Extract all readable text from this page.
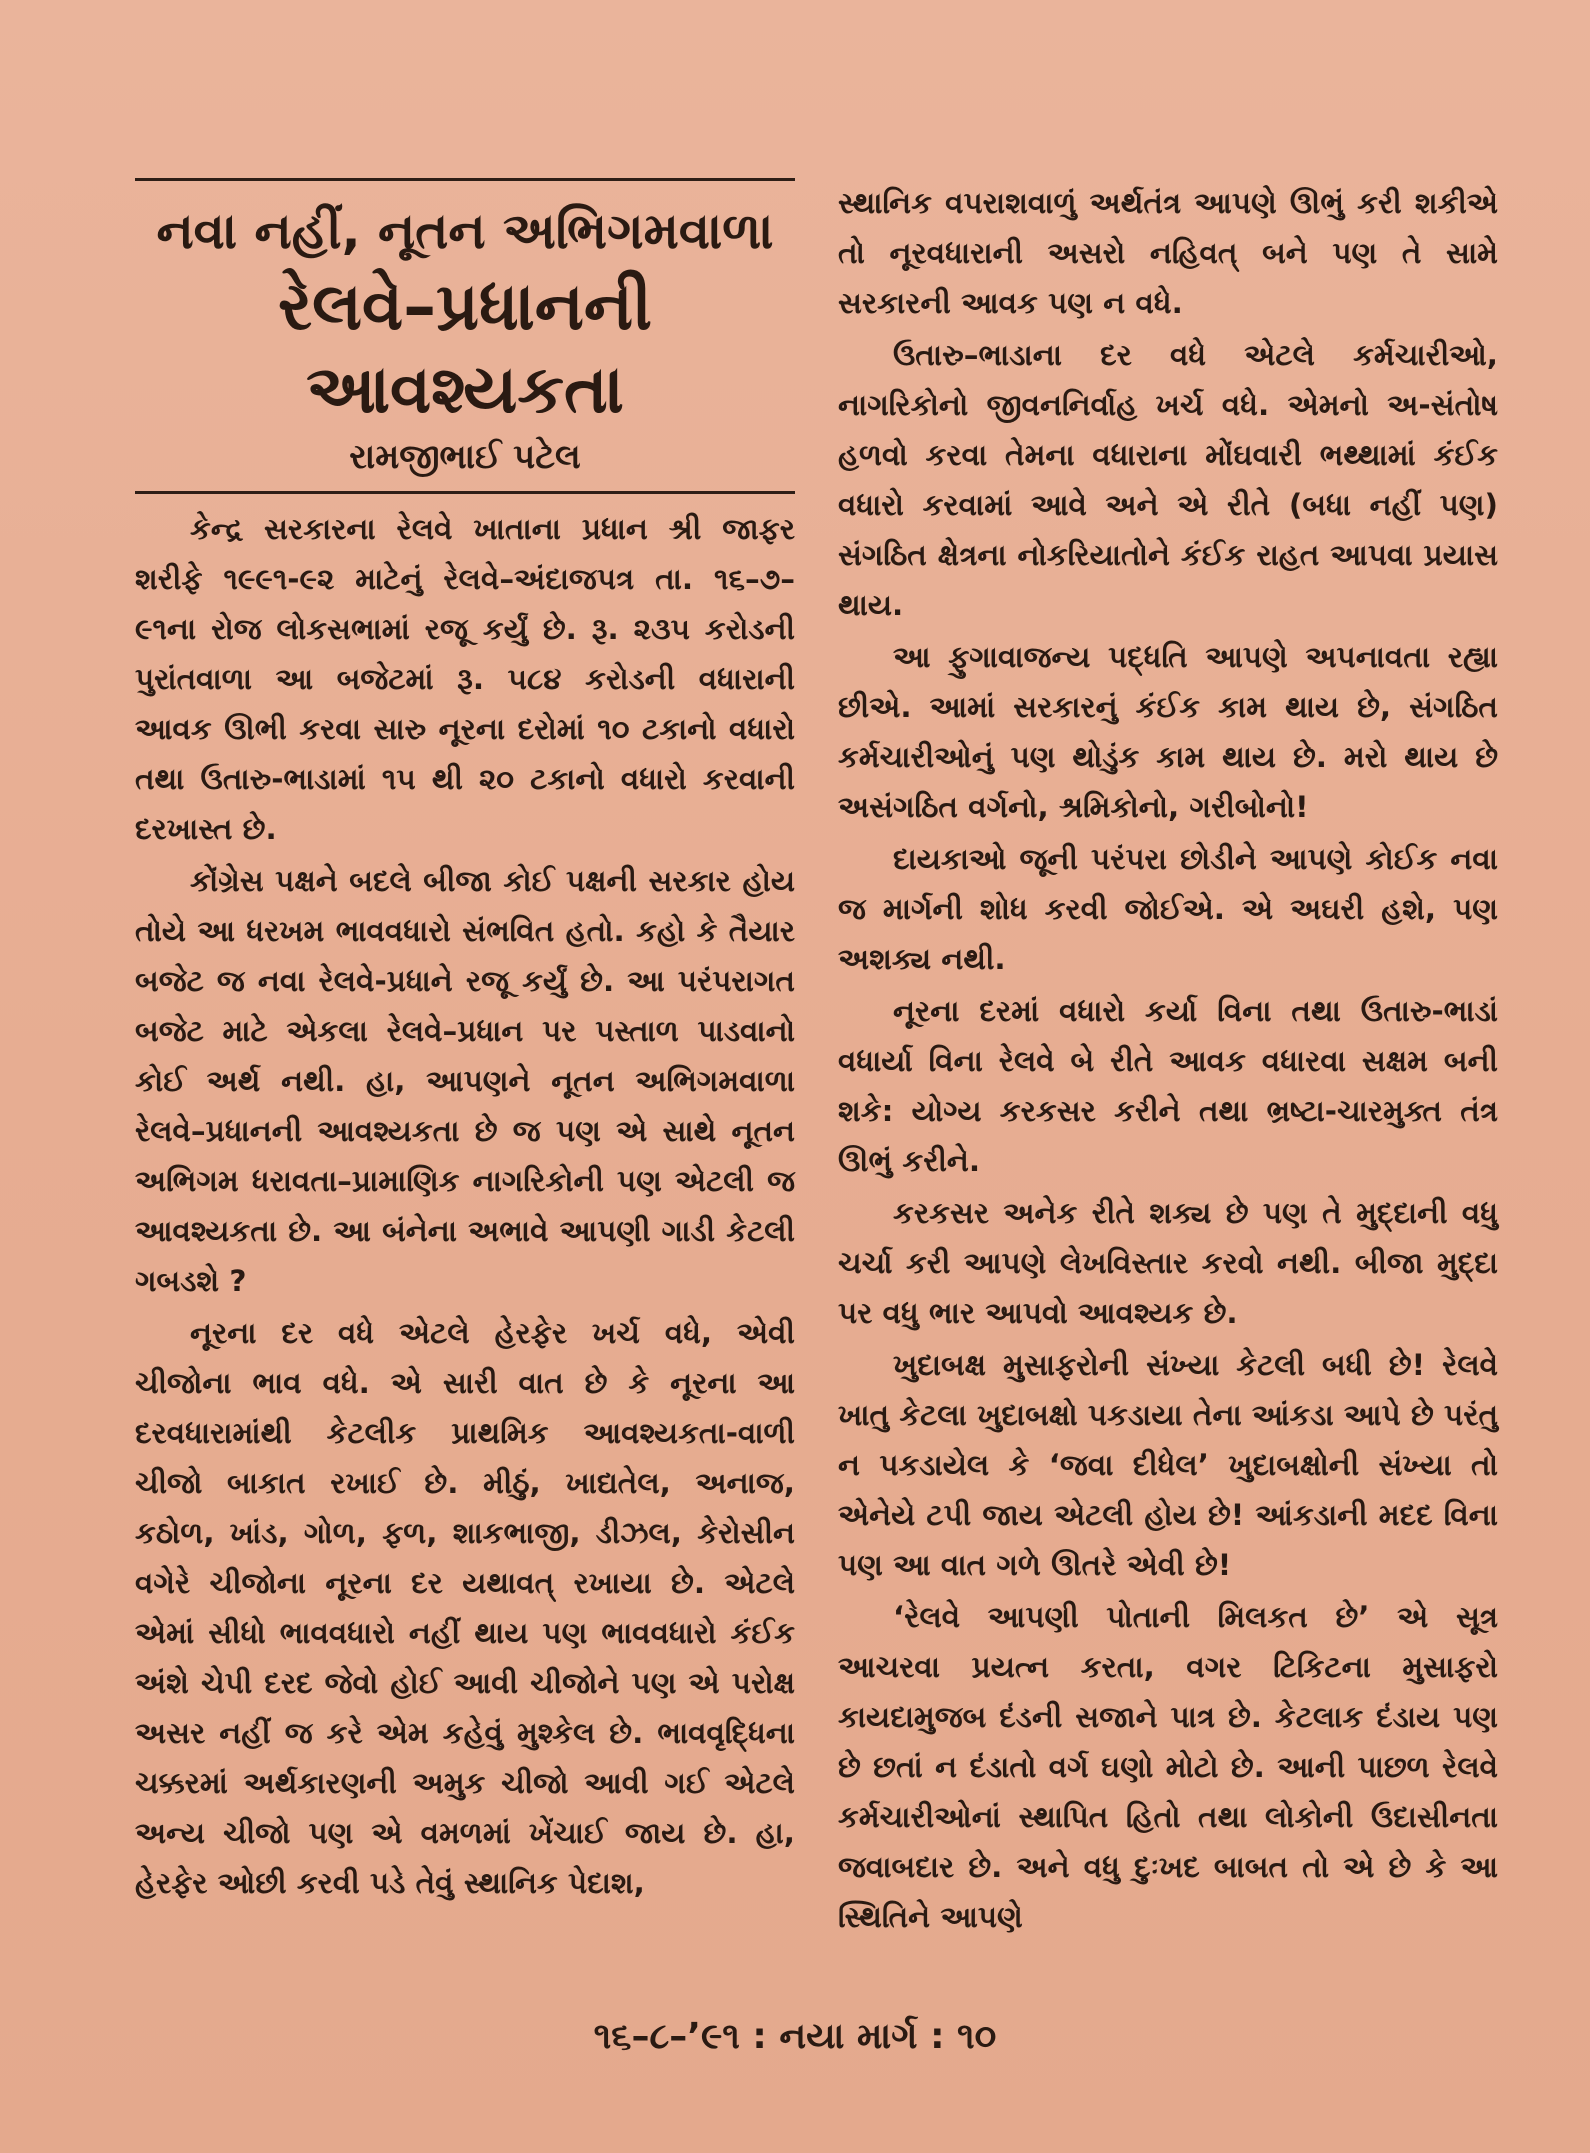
નવા નહીં, નૂતન અભિગમવાળા
રેલવે–પ્રધાનની આવશ્યકતા
રામજીભાઈ પટેલ

કેન્દ્ર સરકારના રેલવે ખાતાના પ્રધાન શ્રી જાફર શરીફે ૧૯૯૧-૯૨ માટેનું રેલવે–અંદાજપત્ર તા. ૧૬–૭–૯૧ના રોજ લોકસભામાં રજૂ કર્યું છે. રૂ. ૨૩૫ કરોડની પુરાંતવાળા આ બજેટમાં રૂ. ૫૮૪ કરોડની વધારાની આવક ઊભી કરવા સારુ નૂરના દરોમાં ૧૦ ટકાનો વધારો તથા ઉતારુ-ભાડામાં ૧૫ થી ૨૦ ટકાનો વધારો કરવાની દરખાસ્ત છે.

કોંગ્રેસ પક્ષને બદલે બીજા કોઈ પક્ષની સરકાર હોય તોયે આ ધરખમ ભાવવધારો સંભવિત હતો. કહો કે તૈયાર બજેટ જ નવા રેલવે-પ્રધાને રજૂ કર્યું છે. આ પરંપરાગત બજેટ માટે એકલા રેલવે–પ્રધાન પર પસ્તાળ પાડવાનો કોઈ અર્થ નથી. હા, આપણને નૂતન અભિગમવાળા રેલવે–પ્રધાનની આવશ્યકતા છે જ પણ એ સાથે નૂતન અભિગમ ધરાવતા–પ્રામાણિક નાગરિકોની પણ એટલી જ આવશ્યકતા છે. આ બંનેના અભાવે આપણી ગાડી કેટલી ગબડશે ?

નૂરના દર વધે એટલે હેરફેર ખર્ચ વધે, એવી ચીજોના ભાવ વધે. એ સારી વાત છે કે નૂરના આ દરવધારામાંથી કેટલીક પ્રાથમિક આવશ્યકતા-વાળી ચીજો બાકાત રખાઈ છે. મીઠું, ખાદ્યતેલ, અનાજ, કઠોળ, ખાંડ, ગોળ, ફળ, શાકભાજી, ડીઝલ, કેરોસીન વગેરે ચીજોના નૂરના દર યથાવત્ રખાયા છે. એટલે એમાં સીધો ભાવવધારો નહીં થાય પણ ભાવવધારો કંઈક અંશે ચેપી દરદ જેવો હોઈ આવી ચીજોને પણ એ પરોક્ષ અસર નહીં જ કરે એમ કહેવું મુશ્કેલ છે. ભાવવૃદ્ધિના ચક્કરમાં અર્થકારણની અમુક ચીજો આવી ગઈ એટલે અન્ય ચીજો પણ એ વમળમાં ખેંચાઈ જાય છે. હા, હેરફેર ઓછી કરવી પડે તેવું સ્થાનિક પેદાશ,

સ્થાનિક વપરાશવાળું અર્થતંત્ર આપણે ઊભું કરી શકીએ તો નૂરવધારાની અસરો નહિવત્ બને પણ તે સામે સરકારની આવક પણ ન વધે.

ઉતારુ–ભાડાના દર વધે એટલે કર્મચારીઓ, નાગરિકોનો જીવનનિર્વાહ ખર્ચ વધે. એમનો અ-સંતોષ હળવો કરવા તેમના વધારાના મોંઘવારી ભથ્થામાં કંઈક વધારો કરવામાં આવે અને એ રીતે (બધા નહીં પણ) સંગઠિત ક્ષેત્રના નોકરિયાતોને કંઈક રાહત આપવા પ્રયાસ થાય.

આ ફુગાવાજન્ય પદ્ધતિ આપણે અપનાવતા રહ્યા છીએ. આમાં સરકારનું કંઈક કામ થાય છે, સંગઠિત કર્મચારીઓનું પણ થોડુંક કામ થાય છે. મરો થાય છે અસંગઠિત વર્ગનો, શ્રમિકોનો, ગરીબોનો!

દાયકાઓ જૂની પરંપરા છોડીને આપણે કોઈક નવા જ માર્ગની શોધ કરવી જોઈએ. એ અઘરી હશે, પણ અશક્ય નથી.

નૂરના દરમાં વધારો કર્યા વિના તથા ઉતારુ-ભાડાં વધાર્યા વિના રેલવે બે રીતે આવક વધારવા સક્ષમ બની શકે: યોગ્ય કરકસર કરીને તથા ભ્રષ્ટા-ચારમુક્ત તંત્ર ઊભું કરીને.

કરકસર અનેક રીતે શક્ય છે પણ તે મુદ્દાની વધુ ચર્ચા કરી આપણે લેખવિસ્તાર કરવો નથી. બીજા મુદ્દા પર વધુ ભાર આપવો આવશ્યક છે.

ખુદાબક્ષ મુસાફરોની સંખ્યા કેટલી બધી છે! રેલવે ખાતુ કેટલા ખુદાબક્ષો પકડાયા તેના આંકડા આપે છે પરંતુ ન પકડાયેલ કે ‘જવા દીધેલ’ ખુદાબક્ષોની સંખ્યા તો એનેયે ટપી જાય એટલી હોય છે! આંકડાની મદદ વિના પણ આ વાત ગળે ઊતરે એવી છે!

‘રેલવે આપણી પોતાની મિલકત છે’ એ સૂત્ર આચરવા પ્રયત્ન કરતા, વગર ટિકિટના મુસાફરો કાયદામુજબ દંડની સજાને પાત્ર છે. કેટલાક દંડાય પણ છે છતાં ન દંડાતો વર્ગ ઘણો મોટો છે. આની પાછળ રેલવે કર્મચારીઓનાં સ્થાપિત હિતો તથા લોકોની ઉદાસીનતા જવાબદાર છે. અને વધુ દુઃખદ બાબત તો એ છે કે આ સ્થિતિને આપણે

૧૬–૮–’૯૧ : નયા માર્ગ : ૧૦
